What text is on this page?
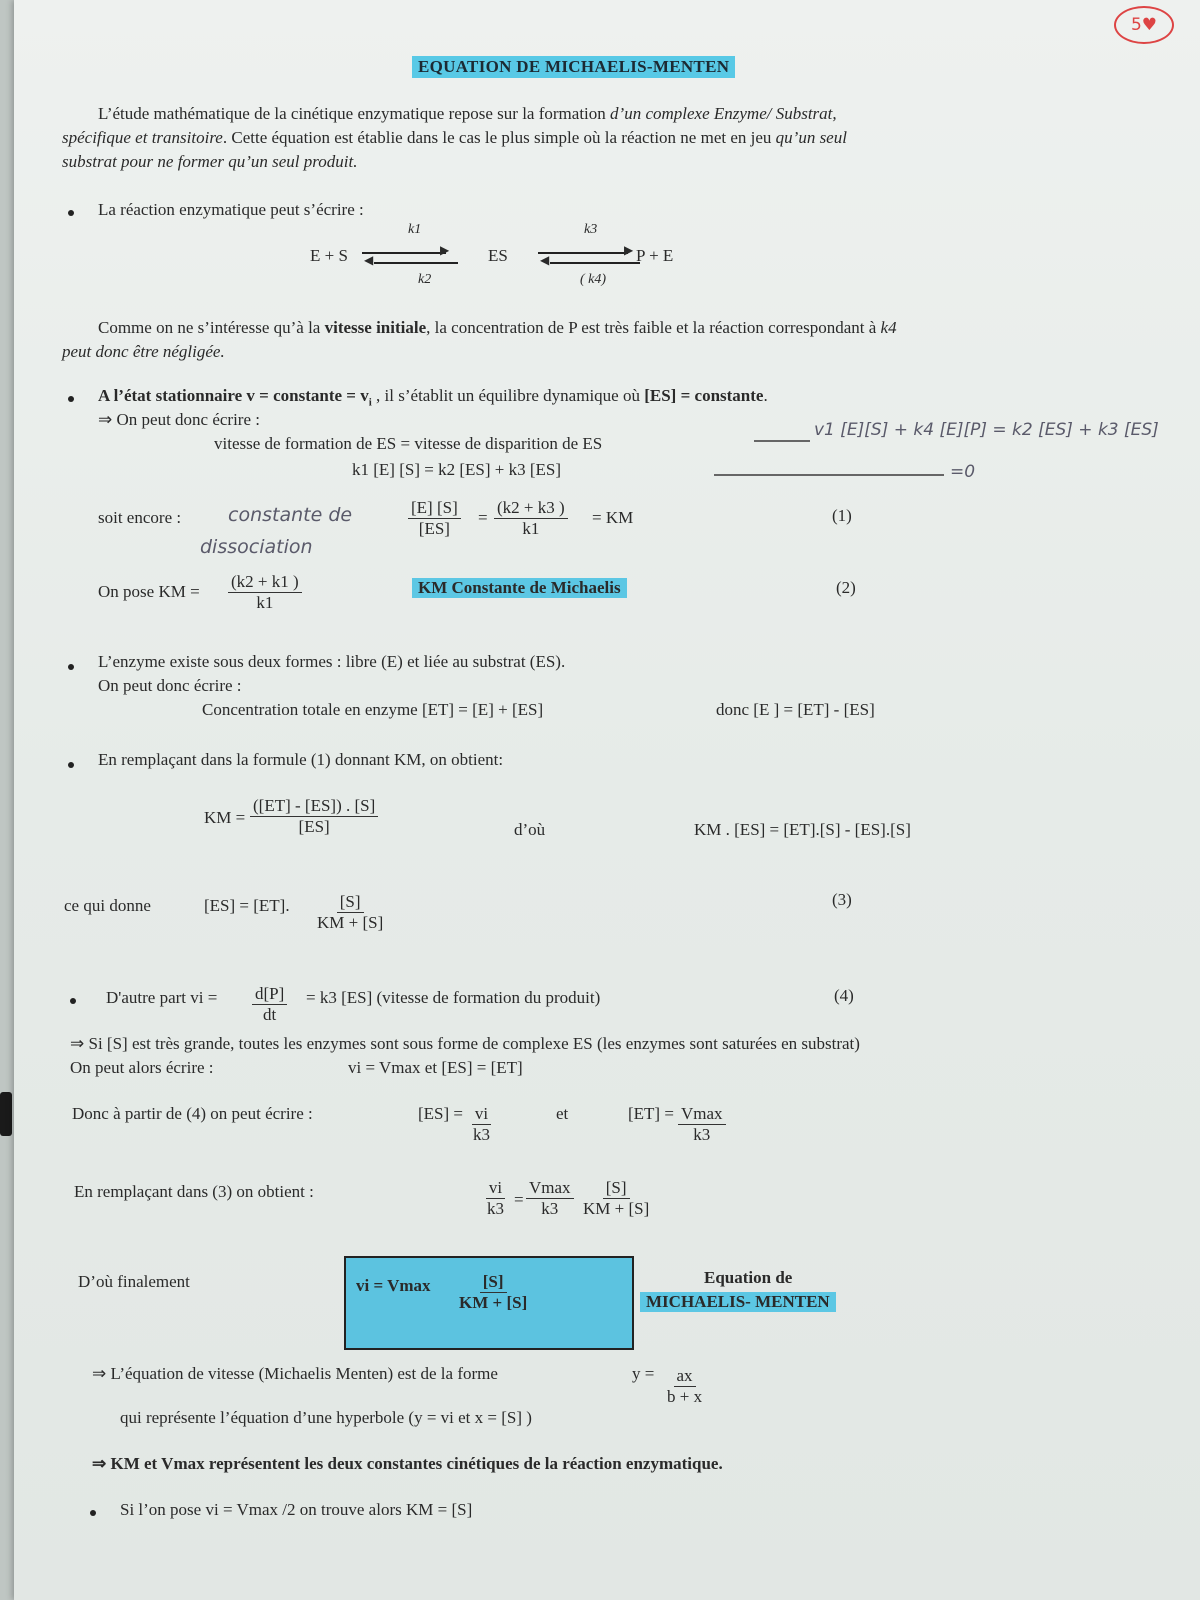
5 ♥
EQUATION DE MICHAELIS-MENTEN
L’étude mathématique de la cinétique enzymatique repose sur la formation d’un complexe Enzyme/ Substrat,
spécifique et transitoire. Cette équation est établie dans le cas le plus simple où la réaction ne met en jeu qu’un seul
substrat pour ne former qu’un seul produit.
La réaction enzymatique peut s’écrire :
E + S
k1
▶
◀
k2
ES
k3
▶
◀
( k4)
P + E
Comme on ne s’intéresse qu’à la vitesse initiale, la concentration de P est très faible et la réaction correspondant à k4
peut donc être négligée.
A l’état stationnaire v = constante = $v_i$ , il s’établit un équilibre dynamique où [ES] = constante.
⇒ On peut donc écrire :
vitesse de formation de ES = vitesse de disparition de ES
k1 [E] [S] = k2 [ES] + k3 [ES]
v1 [E][S] + k4 [E][P] = k2 [ES] + k3 [ES]
=0
soit encore : constante de
dissociation
$\frac{[E] [S]}{[ES]} = \frac{(k2 + k3 )}{k1}$ = KM	(1)
On pose KM = $\frac{(k2 + k1 )}{k1}$	KM Constante de Michaelis	(2)
L’enzyme existe sous deux formes : libre (E) et liée au substrat (ES).
On peut donc écrire :
Concentration totale en enzyme [ET] = [E] + [ES]	donc [E ] = [ET] - [ES]
En remplaçant dans la formule (1) donnant KM, on obtient:
KM = $\frac{([ET] - [ES]) . [S]}{[ES]}$	d’où	KM . [ES] = [ET].[S] - [ES].[S]
ce qui donne	[ES] = [ET]. $\frac{[S]}{KM + [S]}$	(3)
D'autre part vi = $\frac{d[P]}{dt} = k3$ [ES] (vitesse de formation du produit)	(4)
⇒ Si [S] est très grande, toutes les enzymes sont sous forme de complexe ES (les enzymes sont saturées en substrat)
On peut alors écrire :	vi = Vmax et [ES] = [ET]
Donc à partir de (4) on peut écrire :	$[ES] = \frac{vi}{k3}$	et	[ET] = Vmax
k3
En remplaçant dans (3) on obtient :	$\frac{vi}{k3}$ =
Vmax
$k3 \frac{[S]}{KM + [S]}$
D’où finalement	vi = Vmax $\frac{[S]}{KM + [S]}$	Equation de
MICHAELIS- MENTEN
⇒ L’équation de vitesse (Michaelis Menten) est de la forme	$y = \frac{ax}{b + x}$
qui représente l’équation d’une hyperbole (y = vi et x = [S] )
⇒ KM et Vmax représentent les deux constantes cinétiques de la réaction enzymatique.
Si l’on pose vi = Vmax /2 on trouve alors KM = [S]
